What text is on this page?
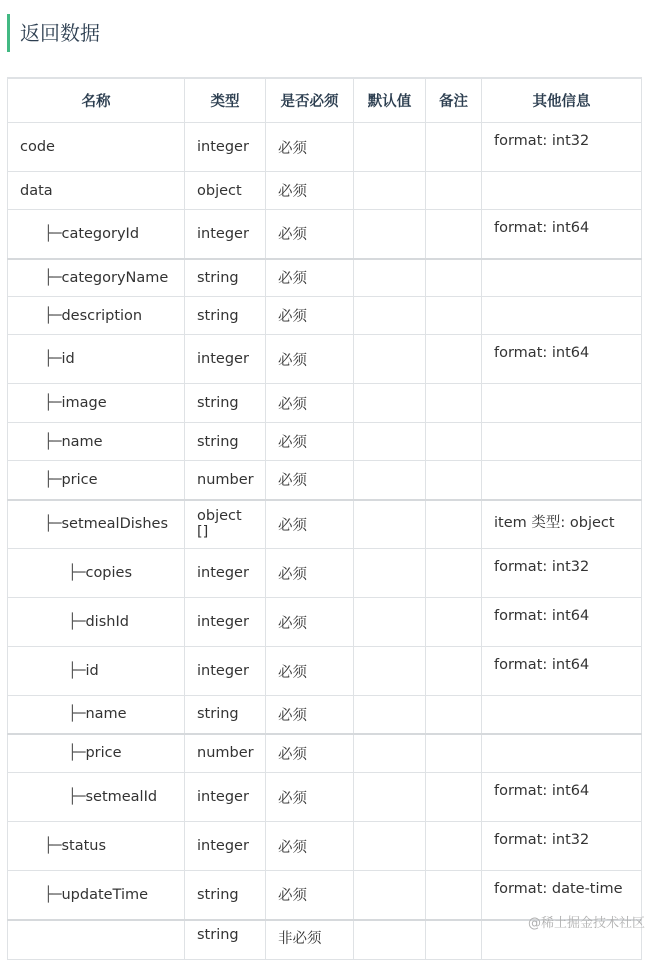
返回数据
名称	类型	是否必须	默认值	备注	其他信息
code	integer	必须			format: int32
data	object	必须			
├─categoryId	integer	必须			format: int64
├─categoryName	string	必须			
├─description	string	必须			
├─id	integer	必须			format: int64
├─image	string	必须			
├─name	string	必须			
├─price	number	必须			
├─setmealDishes	object []	必须			item 类型: object
├─copies	integer	必须			format: int32
├─dishId	integer	必须			format: int64
├─id	integer	必须			format: int64
├─name	string	必须			
├─price	number	必须			
├─setmealId	integer	必须			format: int64
├─status	integer	必须			format: int32
├─updateTime	string	必须			format: date-time
	string	非必须			
@稀土掘金技术社区
